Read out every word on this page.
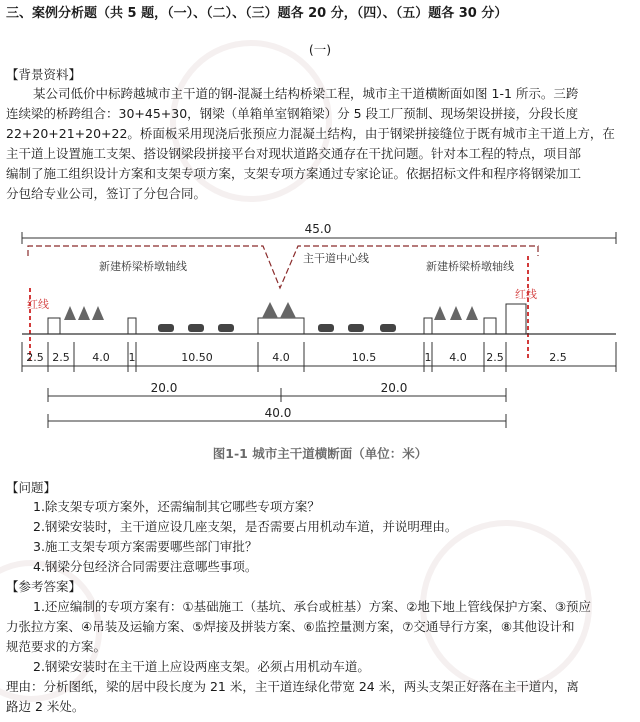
三、案例分析题（共 5 题，（一）、（二）、（三）题各 20 分，（四）、（五）题各 30 分）
(一)
【背景资料】
某公司低价中标跨越城市主干道的钢-混凝土结构桥梁工程，城市主干道横断面如图 1-1 所示。三跨
连续梁的桥跨组合：30+45+30，钢梁（单箱单室钢箱梁）分 5 段工厂预制、现场架设拼接，分段长度
22+20+21+20+22。桥面板采用现浇后张预应力混凝土结构，由于钢梁拼接缝位于既有城市主干道上方，在
主干道上设置施工支架、搭设钢梁段拼接平台对现状道路交通存在干扰问题。针对本工程的特点，项目部
编制了施工组织设计方案和支架专项方案，支架专项方案通过专家论证。依据招标文件和程序将钢梁加工
分包给专业公司，签订了分包合同。
45.0
新建桥梁桥墩轴线
主干道中心线
新建桥梁桥墩轴线
红线
红线
2.5 2.5 4.0 1	10.50	4.0	10.5	1 4.0 2.5	2.5
20.0	20.0
40.0
图1-1 城市主干道横断面（单位：米）
【问题】
1.除支架专项方案外，还需编制其它哪些专项方案？
2.钢梁安装时，主干道应设几座支架，是否需要占用机动车道，并说明理由。
3.施工支架专项方案需要哪些部门审批？
4.钢梁分包经济合同需要注意哪些事项。
【参考答案】
1.还应编制的专项方案有：①基础施工（基坑、承台或桩基）方案、②地下地上管线保护方案、③预应
力张拉方案、④吊装及运输方案、⑤焊接及拼装方案、⑥监控量测方案，⑦交通导行方案，⑧其他设计和
规范要求的方案。
2.钢梁安装时在主干道上应设两座支架。必须占用机动车道。
理由：分析图纸，梁的居中段长度为 21 米，主干道连绿化带宽 24 米，两头支架正好落在主干道内，离
路边 2 米处。
